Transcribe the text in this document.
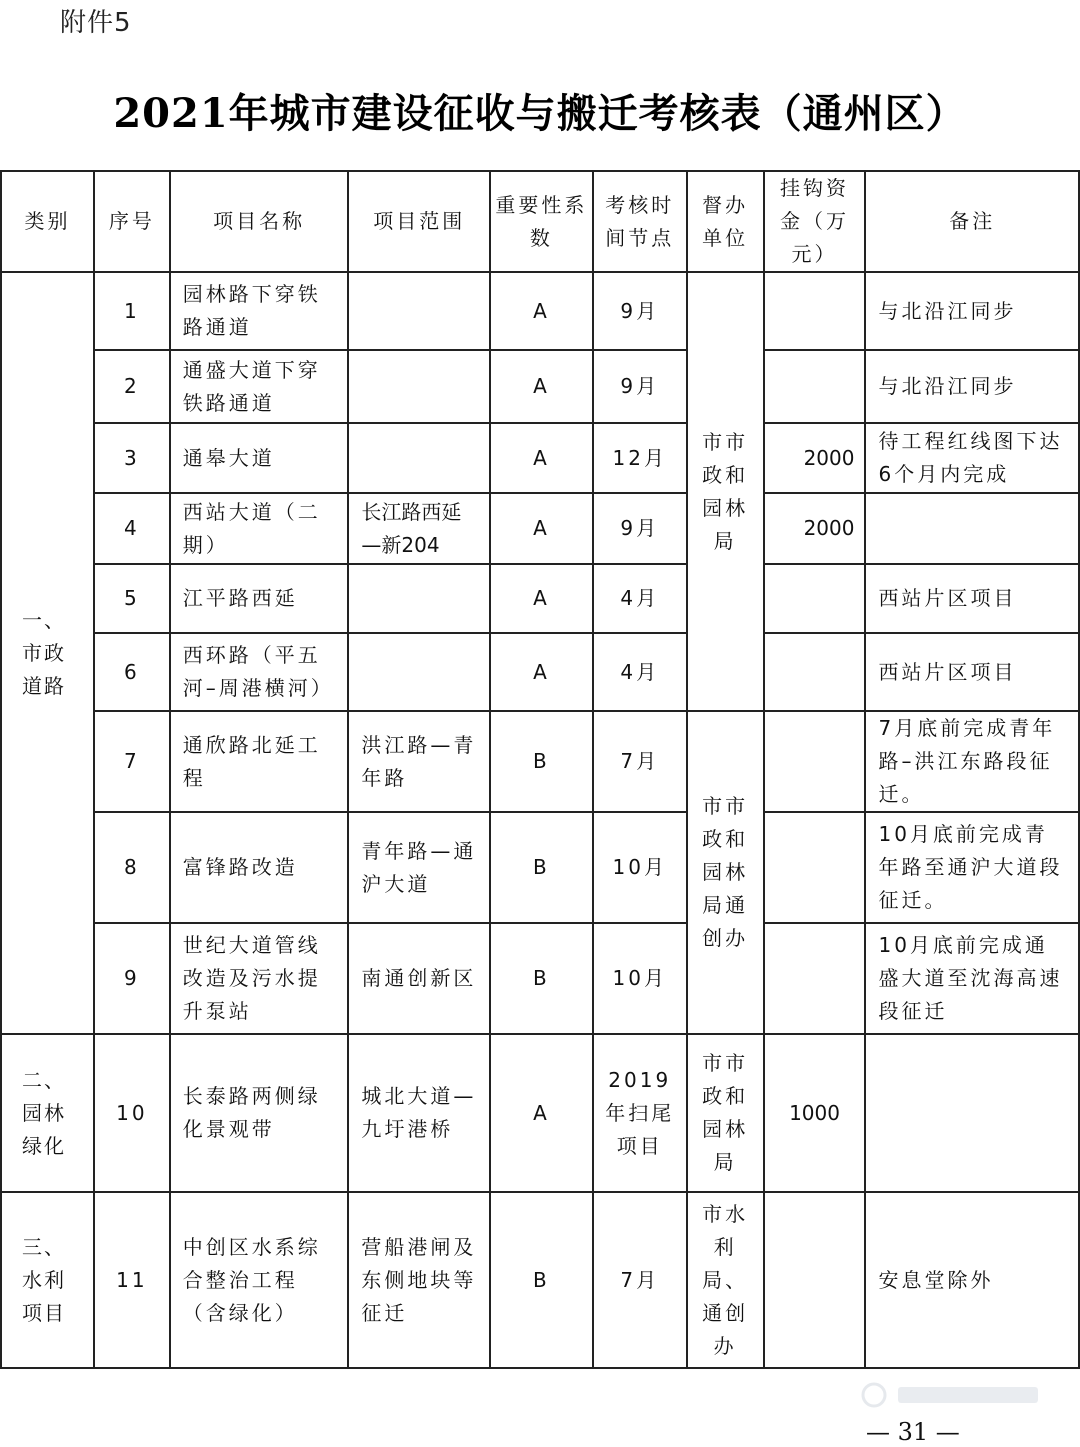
附件5
2021年城市建设征收与搬迁考核表（通州区）
类别	序号	项目名称	项目范围	重要性系数	考核时间节点	督办单位	挂钩资金（万元）	备注
一、市政道路	1	园林路下穿铁路通道		A	9月	市市政和园林局		与北沿江同步
	2	通盛大道下穿铁路通道		A	9月			与北沿江同步
	3	通皋大道		A	12月		2000	待工程红线图下达6个月内完成
	4	西站大道（二期）	长江路西延—新204	A	9月		2000	
	5	江平路西延		A	4月			西站片区项目
	6	西环路（平五河–周港横河）		A	4月			西站片区项目
	7	通欣路北延工程	洪江路—青年路	B	7月	市市政和园林局通创办		7月底前完成青年路–洪江东路段征迁。
	8	富锋路改造	青年路—通沪大道	B	10月			10月底前完成青年路至通沪大道段征迁。
	9	世纪大道管线改造及污水提升泵站	南通创新区	B	10月			10月底前完成通盛大道至沈海高速段征迁
二、园林绿化	10	长泰路两侧绿化景观带	城北大道—九圩港桥	A	2019年扫尾项目	市市政和园林局	1000	
三、水利项目	11	中创区水系综合整治工程（含绿化）	营船港闸及东侧地块等征迁	B	7月	市水利局、通创办		安息堂除外
— 31 —
